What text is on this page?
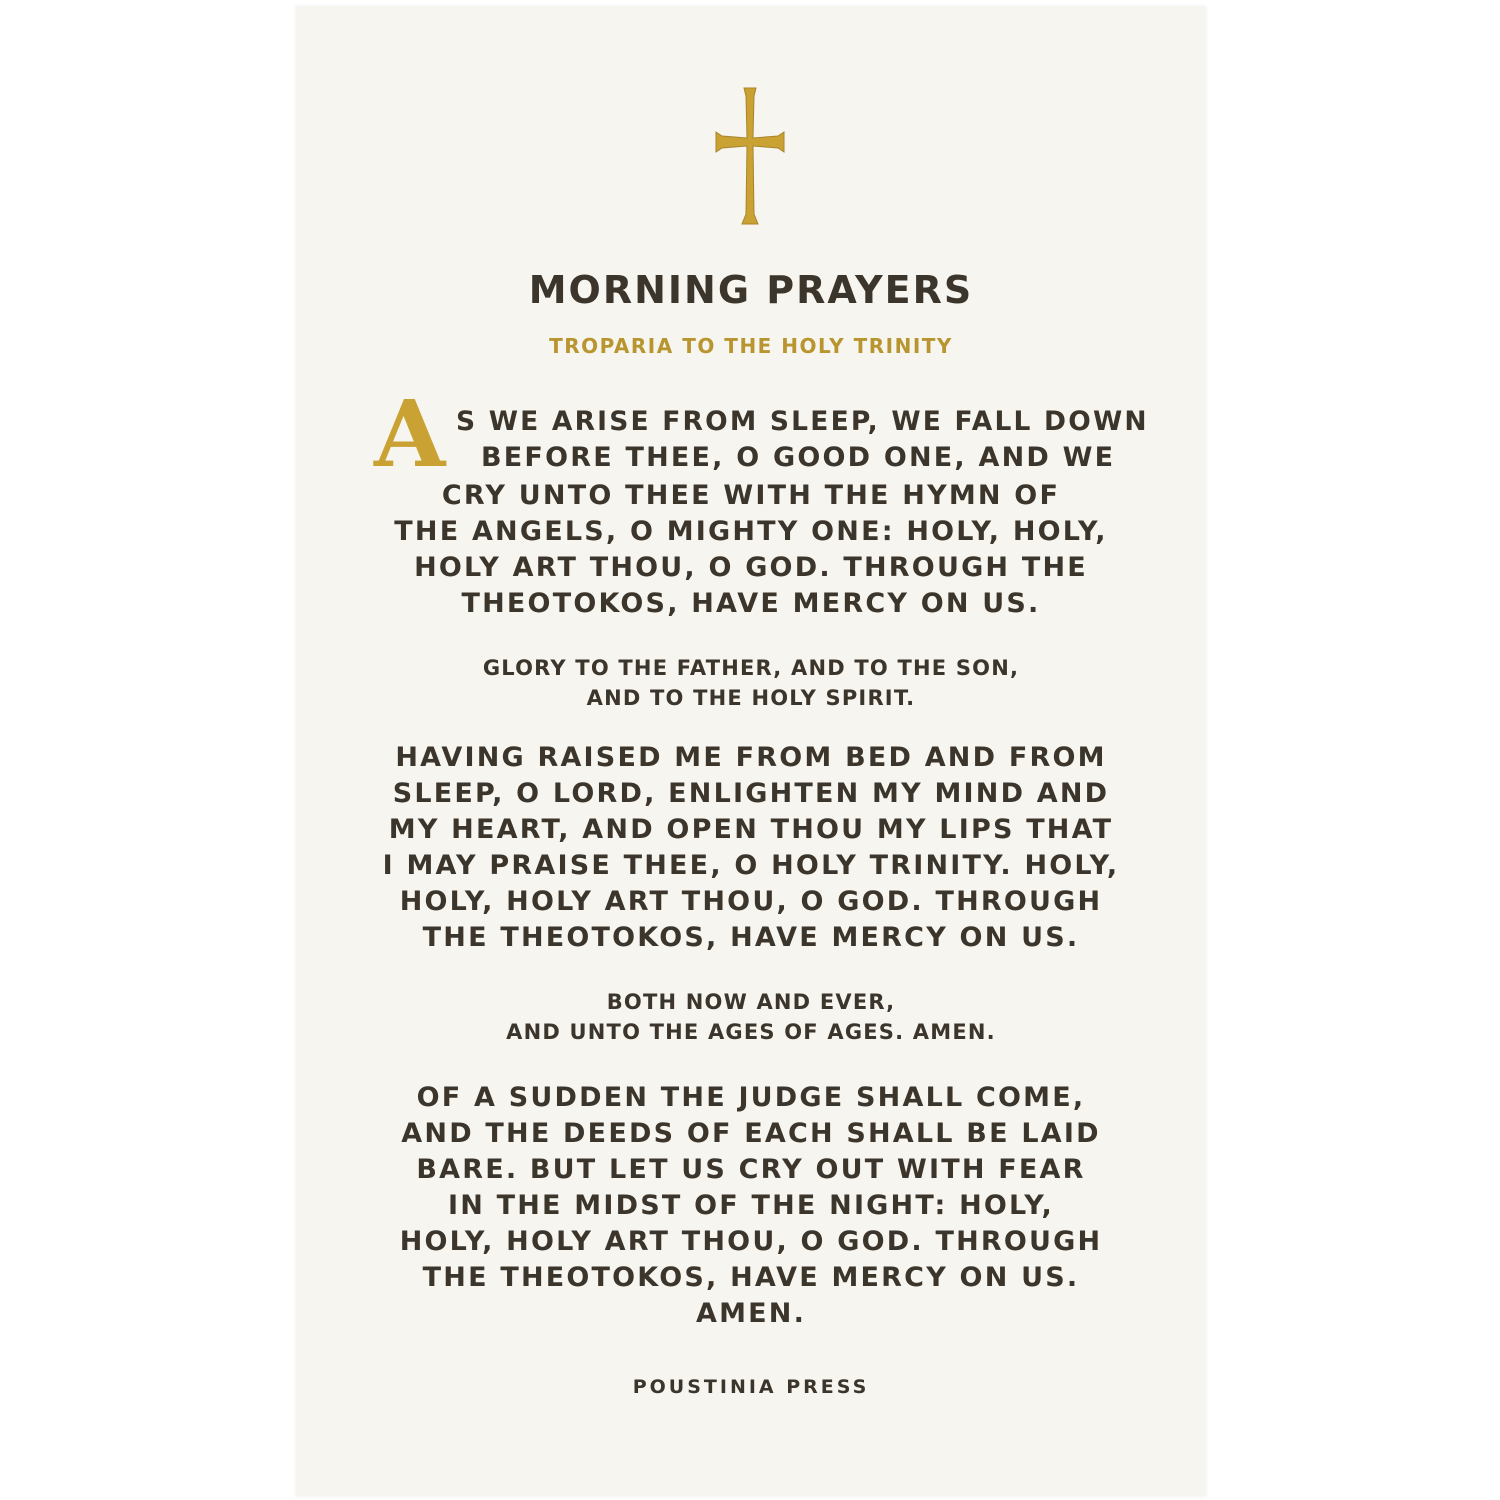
MORNING PRAYERS
TROPARIA TO THE HOLY TRINITY
A S WE ARISE FROM SLEEP, WE FALL DOWN
BEFORE THEE, O GOOD ONE, AND WE
CRY UNTO THEE WITH THE HYMN OF
THE ANGELS, O MIGHTY ONE: HOLY, HOLY,
HOLY ART THOU, O GOD. THROUGH THE
THEOTOKOS, HAVE MERCY ON US.
GLORY TO THE FATHER, AND TO THE SON,
AND TO THE HOLY SPIRIT.
HAVING RAISED ME FROM BED AND FROM
SLEEP, O LORD, ENLIGHTEN MY MIND AND
MY HEART, AND OPEN THOU MY LIPS THAT
I MAY PRAISE THEE, O HOLY TRINITY. HOLY,
HOLY, HOLY ART THOU, O GOD. THROUGH
THE THEOTOKOS, HAVE MERCY ON US.
BOTH NOW AND EVER,
AND UNTO THE AGES OF AGES. AMEN.
OF A SUDDEN THE JUDGE SHALL COME,
AND THE DEEDS OF EACH SHALL BE LAID
BARE. BUT LET US CRY OUT WITH FEAR
IN THE MIDST OF THE NIGHT: HOLY,
HOLY, HOLY ART THOU, O GOD. THROUGH
THE THEOTOKOS, HAVE MERCY ON US.
AMEN.
POUSTINIA PRESS
